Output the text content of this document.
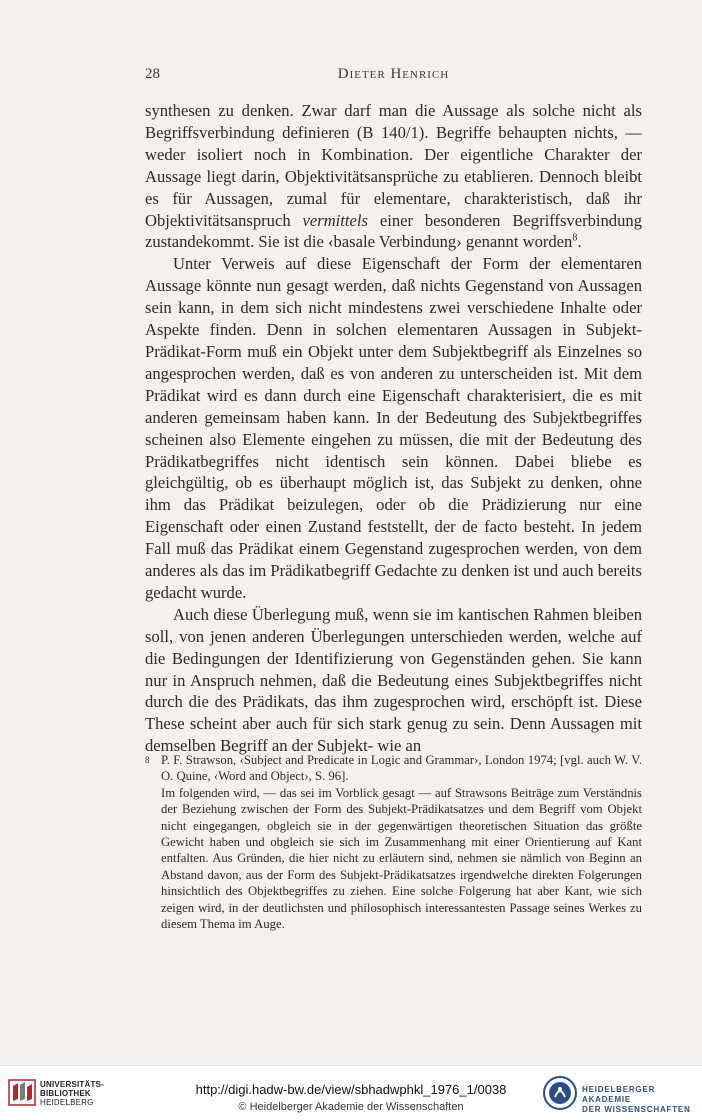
28	Dieter Henrich

synthesen zu denken. Zwar darf man die Aussage als solche nicht als Begriffsverbindung definieren (B 140/1). Begriffe behaupten nichts, — weder isoliert noch in Kombination. Der eigentliche Charakter der Aussage liegt darin, Objektivitätsansprüche zu etablieren. Dennoch bleibt es für Aussagen, zumal für elementare, charakteristisch, daß ihr Objektivitätsanspruch vermittels einer besonderen Begriffsverbindung zustandekommt. Sie ist die ‹basale Verbindung› genannt worden$^8$.

Unter Verweis auf diese Eigenschaft der Form der elementaren Aussage könnte nun gesagt werden, daß nichts Gegenstand von Aussagen sein kann, in dem sich nicht mindestens zwei verschiedene Inhalte oder Aspekte finden. Denn in solchen elementaren Aussagen in Subjekt-Prädikat-Form muß ein Objekt unter dem Subjektbegriff als Einzelnes so angesprochen werden, daß es von anderen zu unterscheiden ist. Mit dem Prädikat wird es dann durch eine Eigenschaft charakterisiert, die es mit anderen gemeinsam haben kann. In der Bedeutung des Subjektbegriffes scheinen also Elemente eingehen zu müssen, die mit der Bedeutung des Prädikatbegriffes nicht identisch sein können. Dabei bliebe es gleichgültig, ob es überhaupt möglich ist, das Subjekt zu denken, ohne ihm das Prädikat beizulegen, oder ob die Prädizierung nur eine Eigenschaft oder einen Zustand feststellt, der de facto besteht. In jedem Fall muß das Prädikat einem Gegenstand zugesprochen werden, von dem anderes als das im Prädikatbegriff Gedachte zu denken ist und auch bereits gedacht wurde.

Auch diese Überlegung muß, wenn sie im kantischen Rahmen bleiben soll, von jenen anderen Überlegungen unterschieden werden, welche auf die Bedingungen der Identifizierung von Gegenständen gehen. Sie kann nur in Anspruch nehmen, daß die Bedeutung eines Subjektbegriffes nicht durch die des Prädikats, das ihm zugesprochen wird, erschöpft ist. Diese These scheint aber auch für sich stark genug zu sein. Denn Aussagen mit demselben Begriff an der Subjekt- wie an

8 P. F. Strawson, ‹Subject and Predicate in Logic and Grammar›, London 1974; [vgl. auch W. V. O. Quine, ‹Word and Object›, S. 96].

Im folgenden wird, — das sei im Vorblick gesagt — auf Strawsons Beiträge zum Verständnis der Beziehung zwischen der Form des Subjekt-Prädikatsatzes und dem Begriff vom Objekt nicht eingegangen, obgleich sie in der gegenwärtigen theoretischen Situation das größte Gewicht haben und obgleich sie sich im Zusammenhang mit einer Orientierung auf Kant entfalten. Aus Gründen, die hier nicht zu erläutern sind, nehmen sie nämlich von Beginn an Abstand davon, aus der Form des Subjekt-Prädikatsatzes irgendwelche direkten Folgerungen hinsichtlich des Objektbegriffes zu ziehen. Eine solche Folgerung hat aber Kant, wie sich zeigen wird, in der deutlichsten und philosophisch interessantesten Passage seines Werkes zu diesem Thema im Auge.

UNIVERSITÄTS-
BIBLIOTHEK
HEIDELBERG
http://digi.hadw-bw.de/view/sbhadwphkl_1976_1/0038
© Heidelberger Akademie der Wissenschaften
HEIDELBERGER AKADEMIE
DER WISSENSCHAFTEN
